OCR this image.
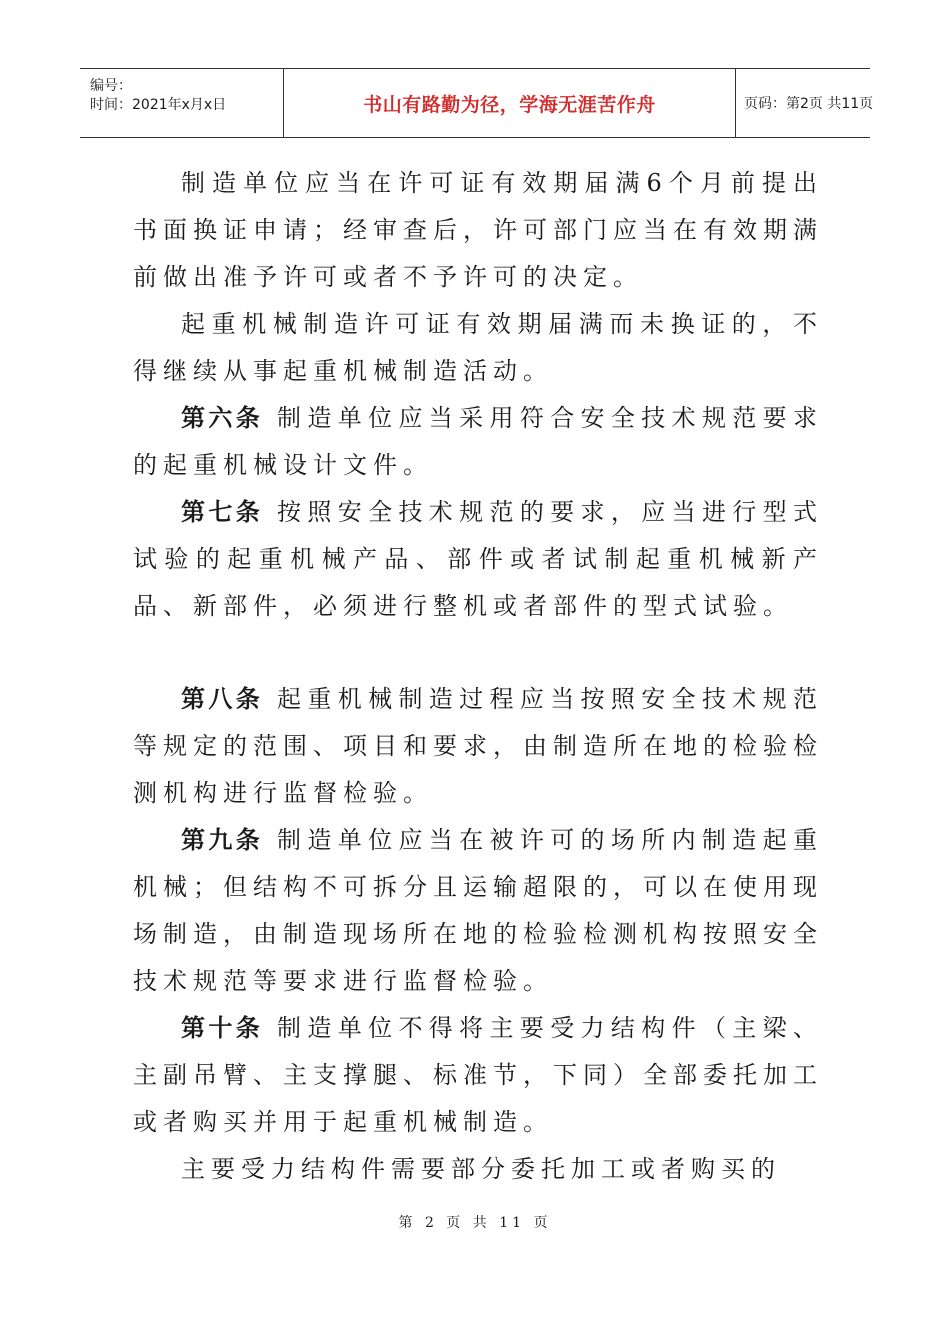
编号：
时间：2021年x月x日	书山有路勤为径，学海无涯苦作舟	页码：第2页 共11页

制造单位应当在许可证有效期届满6个月前提出书面换证申请；经审查后，许可部门应当在有效期满前做出准予许可或者不予许可的决定。

起重机械制造许可证有效期届满而未换证的，不得继续从事起重机械制造活动。

第六条 制造单位应当采用符合安全技术规范要求的起重机械设计文件。

第七条 按照安全技术规范的要求，应当进行型式试验的起重机械产品、部件或者试制起重机械新产品、新部件，必须进行整机或者部件的型式试验。

第八条 起重机械制造过程应当按照安全技术规范等规定的范围、项目和要求，由制造所在地的检验检测机构进行监督检验。

第九条 制造单位应当在被许可的场所内制造起重机械；但结构不可拆分且运输超限的，可以在使用现场制造，由制造现场所在地的检验检测机构按照安全技术规范等要求进行监督检验。

第十条 制造单位不得将主要受力结构件（主梁、主副吊臂、主支撑腿、标准节，下同）全部委托加工或者购买并用于起重机械制造。

主要受力结构件需要部分委托加工或者购买的

第 2 页 共 11 页
